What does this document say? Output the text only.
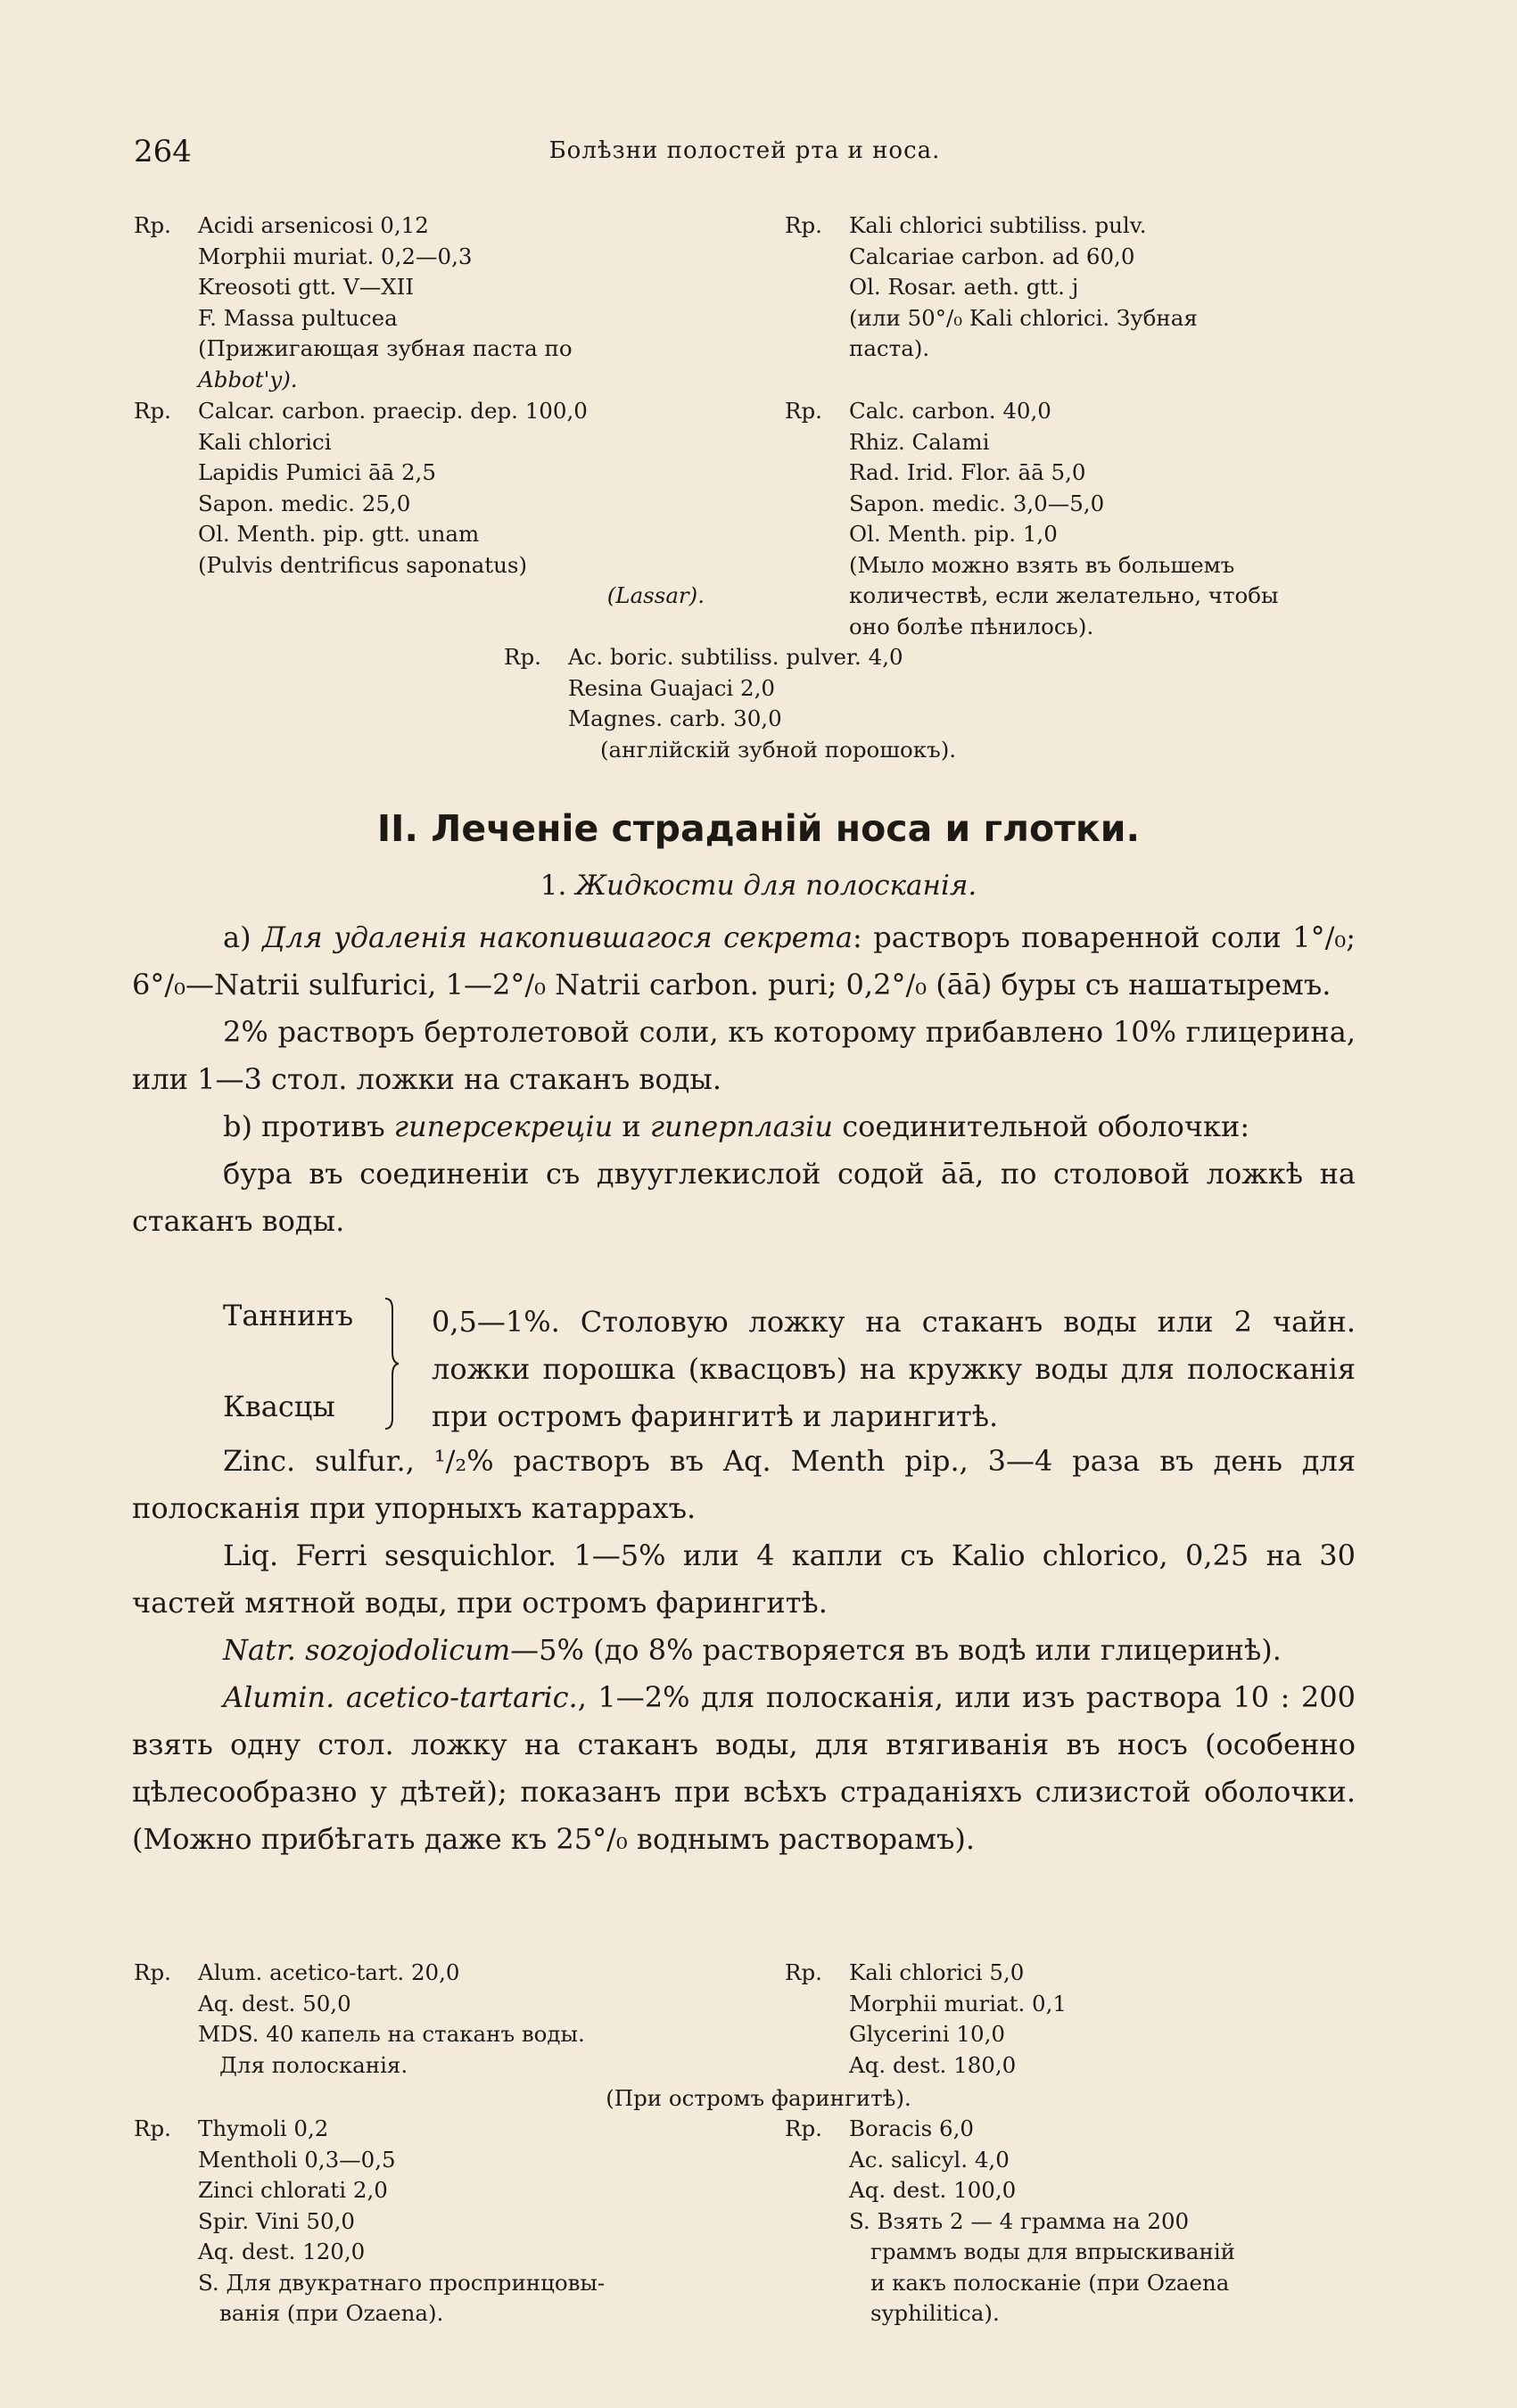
264	Болѣзни полостей рта и носа.
Rp.	Acidi arsenicosi 0,12
Morphii muriat. 0,2—0,3
Kreosoti gtt. V—XII
F. Massa pultucea
(Прижигающая зубная паста по
Abbot'y).
Rp.	Calcar. carbon. praecip. dep. 100,0
Kali chlorici
Lapidis Pumici āā 2,5
Sapon. medic. 25,0
Ol. Menth. pip. gtt. unam
(Pulvis dentrificus saponatus)
(Lassar).
Rp.	Kali chlorici subtiliss. pulv.
Calcariae carbon. ad 60,0
Ol. Rosar. aeth. gtt. j
(или 50°/₀ Kali chlorici. Зубная
паста).
Rp.	Calc. carbon. 40,0
Rhiz. Calami
Rad. Irid. Flor. āā 5,0
Sapon. medic. 3,0—5,0
Ol. Menth. pip. 1,0
(Мыло можно взять въ большемъ
количествѣ, если желательно, чтобы
оно болѣе пѣнилось).
Rp.	Ac. boric. subtiliss. pulver. 4,0
Resina Guajaci 2,0
Magnes. carb. 30,0
(англійскій зубной порошокъ).
II. Леченіе страданій носа и глотки.
1. Жидкости для полосканія.

а) Для удаленія накопившагося секрета: растворъ поваренной соли 1°/₀; 6°/₀—Natrii sulfurici, 1—2°/₀ Natrii carbon. puri; 0,2°/₀ (āā) буры съ нашатыремъ.

2% растворъ бертолетовой соли, къ которому прибавлено 10% глицерина, или 1—3 стол. ложки на стаканъ воды.

b) противъ гиперсекреціи и гиперплазіи соединительной оболочки:

бура въ соединеніи съ двууглекислой содой āā, по столовой ложкѣ на стаканъ воды.

Таннинъ
Квасцы
0,5—1%. Столовую ложку на стаканъ воды или 2 чайн. ложки порошка (квасцовъ) на кружку воды для полосканія при остромъ фарингитѣ и ларингитѣ.

Zinc. sulfur., ¹/₂% растворъ въ Aq. Menth pip., 3—4 раза въ день для полосканія при упорныхъ катаррахъ.

Liq. Ferri sesquichlor. 1—5% или 4 капли съ Kalio chlorico, 0,25 на 30 частей мятной воды, при остромъ фарингитѣ.

Natr. sozojodolicum—5% (до 8% растворяется въ водѣ или глицеринѣ).

Alumin. acetico-tartaric., 1—2% для полосканія, или изъ раствора 10 : 200 взять одну стол. ложку на стаканъ воды, для втягиванія въ носъ (особенно цѣлесообразно у дѣтей); показанъ при всѣхъ страданіяхъ слизистой оболочки. (Можно прибѣгать даже къ 25°/₀ воднымъ растворамъ).

Rp.	Alum. acetico-tart. 20,0
Aq. dest. 50,0
MDS. 40 капель на стаканъ воды.
Для полосканія.
Rp.	Kali chlorici 5,0
Morphii muriat. 0,1
Glycerini 10,0
Aq. dest. 180,0
(При остромъ фарингитѣ).
Rp.	Thymoli 0,2
Mentholi 0,3—0,5
Zinci chlorati 2,0
Spir. Vini 50,0
Aq. dest. 120,0
S. Для двукратнаго проспринцовы-
ванія (при Ozaena).
Rp.	Boracis 6,0
Ac. salicyl. 4,0
Aq. dest. 100,0
S. Взять 2 — 4 грамма на 200
граммъ воды для впрыскиваній
и какъ полосканіе (при Ozaena
syphilitica).
